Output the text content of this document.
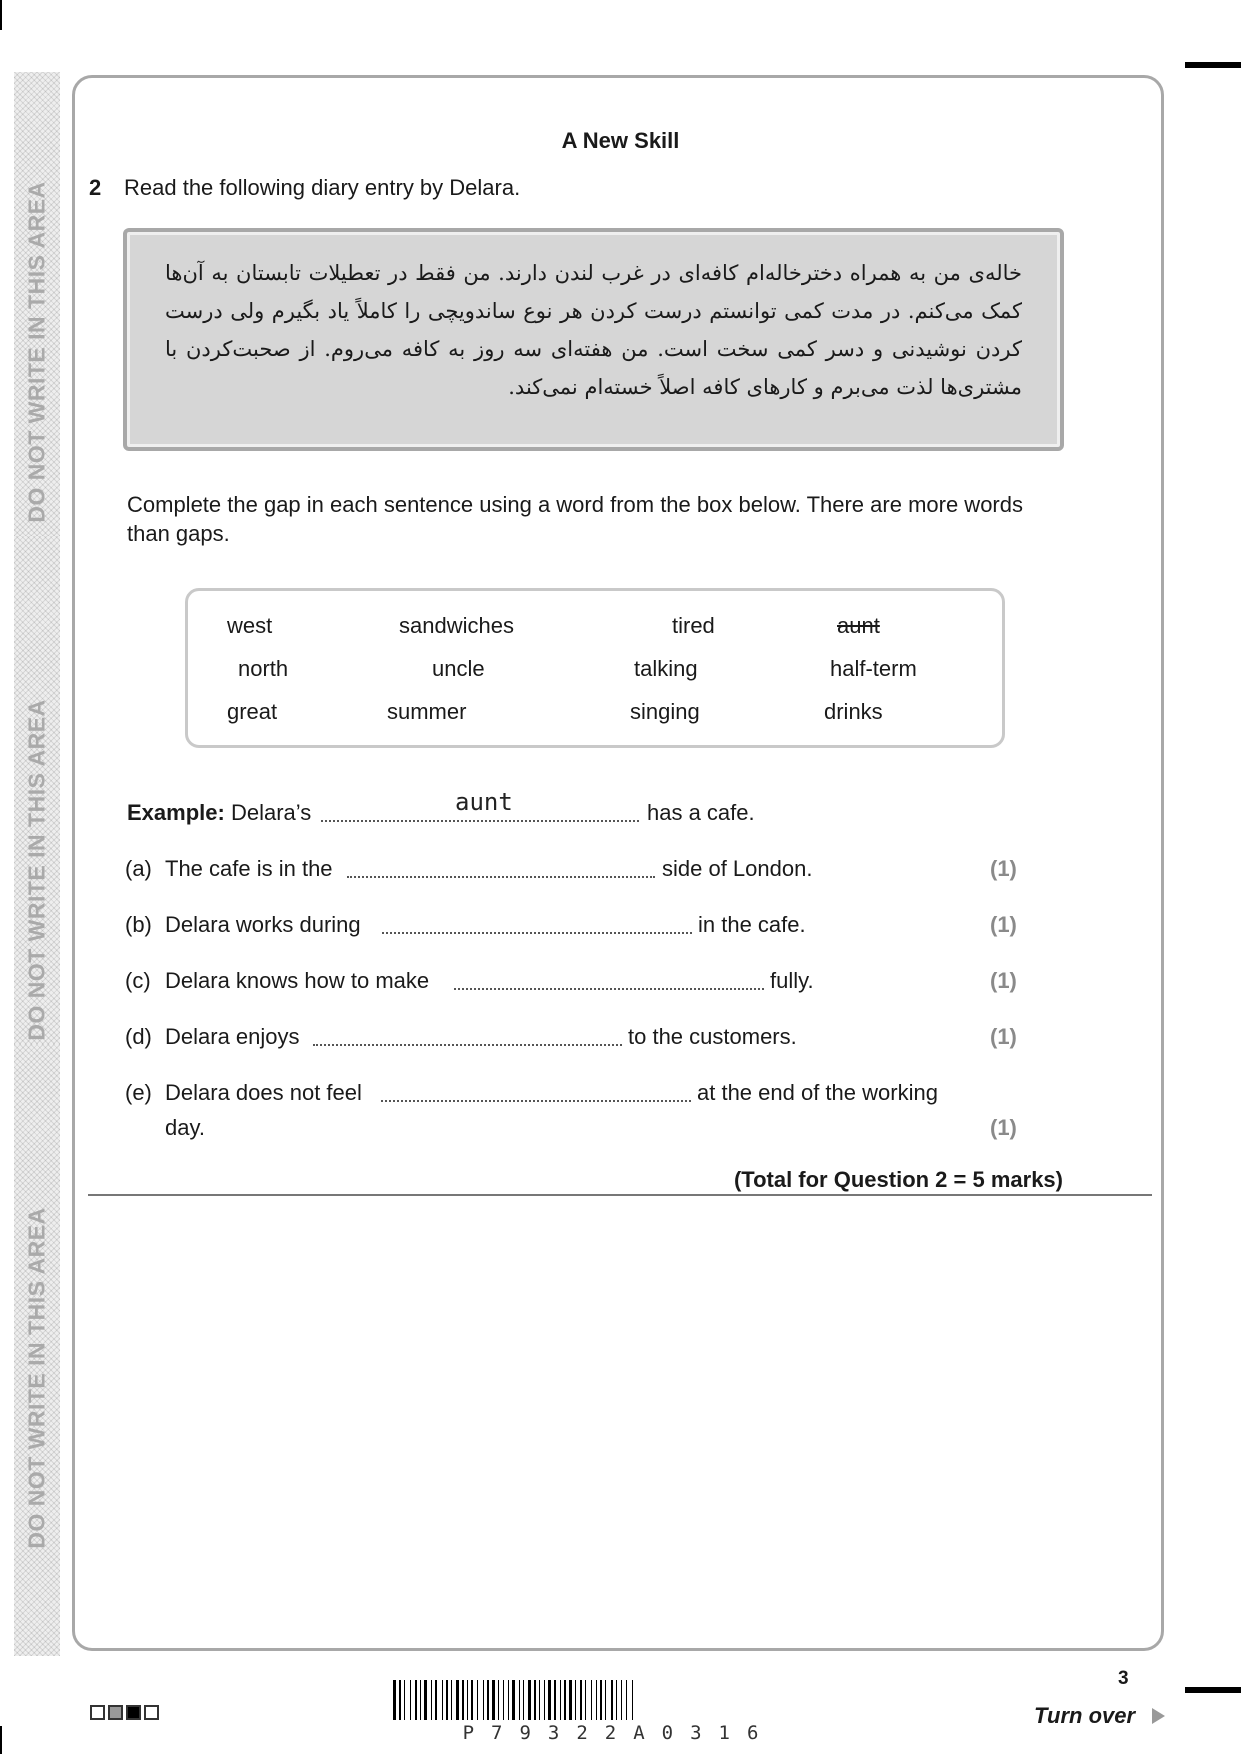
DO NOT WRITE IN THIS AREA
DO NOT WRITE IN THIS AREA
DO NOT WRITE IN THIS AREA
A New Skill
2 Read the following diary entry by Delara.
خاله‌ی من به همراه دخترخاله‌ام کافه‌ای در غرب لندن دارند. من فقط در تعطیلات تابستان به آن‌ها کمک می‌کنم. در مدت کمی توانستم درست کردن هر نوع ساندویچی را کاملاً یاد بگیرم ولی درست کردن نوشیدنی و دسر کمی سخت است. من هفته‌ای سه روز به کافه می‌روم. از صحبت‌کردن با مشتری‌ها لذت می‌برم و کارهای کافه اصلاً خسته‌ام نمی‌کند.
Complete the gap in each sentence using a word from the box below. There are more words than gaps.
west	sandwiches	tired	aunt
north	uncle	talking	half-term
great	summer	singing	drinks
Example: Delara’s	aunt	has a cafe.
(a) The cafe is in the	side of London.	(1)
(b) Delara works during	in the cafe.	(1)
(c) Delara knows how to make	fully.	(1)
(d) Delara enjoys	to the customers.	(1)
(e) Delara does not feel	at the end of the working
day.	(1)
(Total for Question 2 = 5 marks)
P79322A0316
3
Turn over
